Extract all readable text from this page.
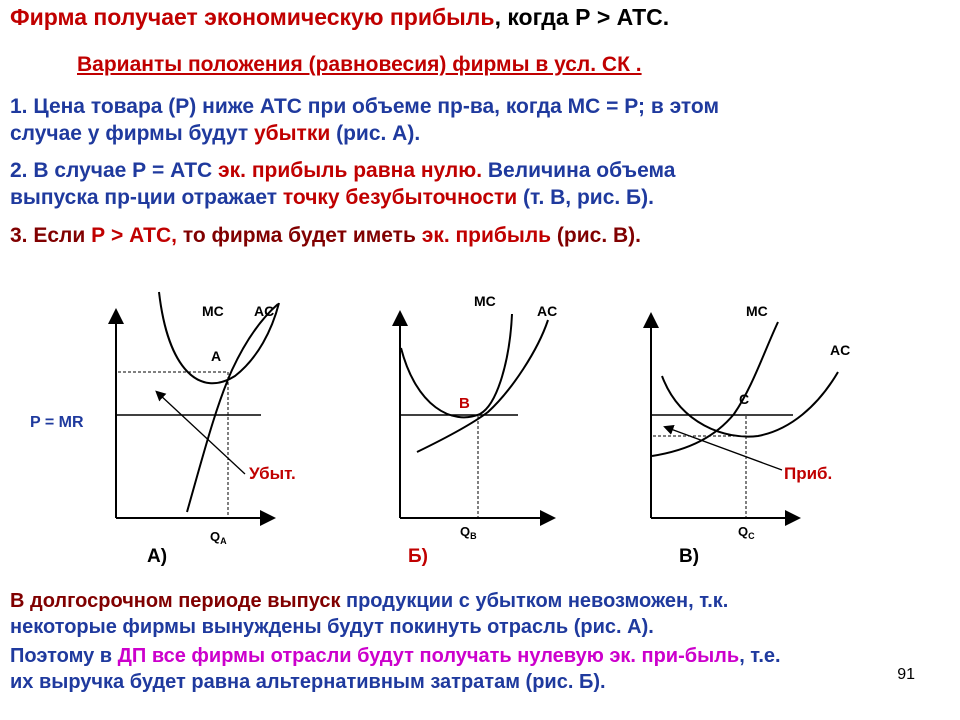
Фирма получает экономическую прибыль, когда Р > АТС.
Варианты положения (равновесия) фирмы в усл. СК .
1. Цена товара (Р) ниже АТС при объеме пр-ва, когда МС = Р; в этом
случае у фирмы будут убытки (рис. А).
2. В случае Р = АТС эк. прибыль равна нулю. Величина объема
выпуска пр-ции отражает точку безубыточности (т. В, рис. Б).
3. Если Р > АТС, то фирма будет иметь эк. прибыль (рис. В).
MC AC
A
P = MR
Убыт.
$Q_A$
А)
MC
AC
B
$Q_B$
Б)
MC
AC
C
Приб.
$Q_C$
В)
В долгосрочном периоде выпуск продукции с убытком невозможен, т.к.
некоторые фирмы вынуждены будут покинуть отрасль (рис. А).
Поэтому в ДП все фирмы отрасли будут получать нулевую эк. при-быль, т.е.
их выручка будет равна альтернативным затратам (рис. Б).	91
